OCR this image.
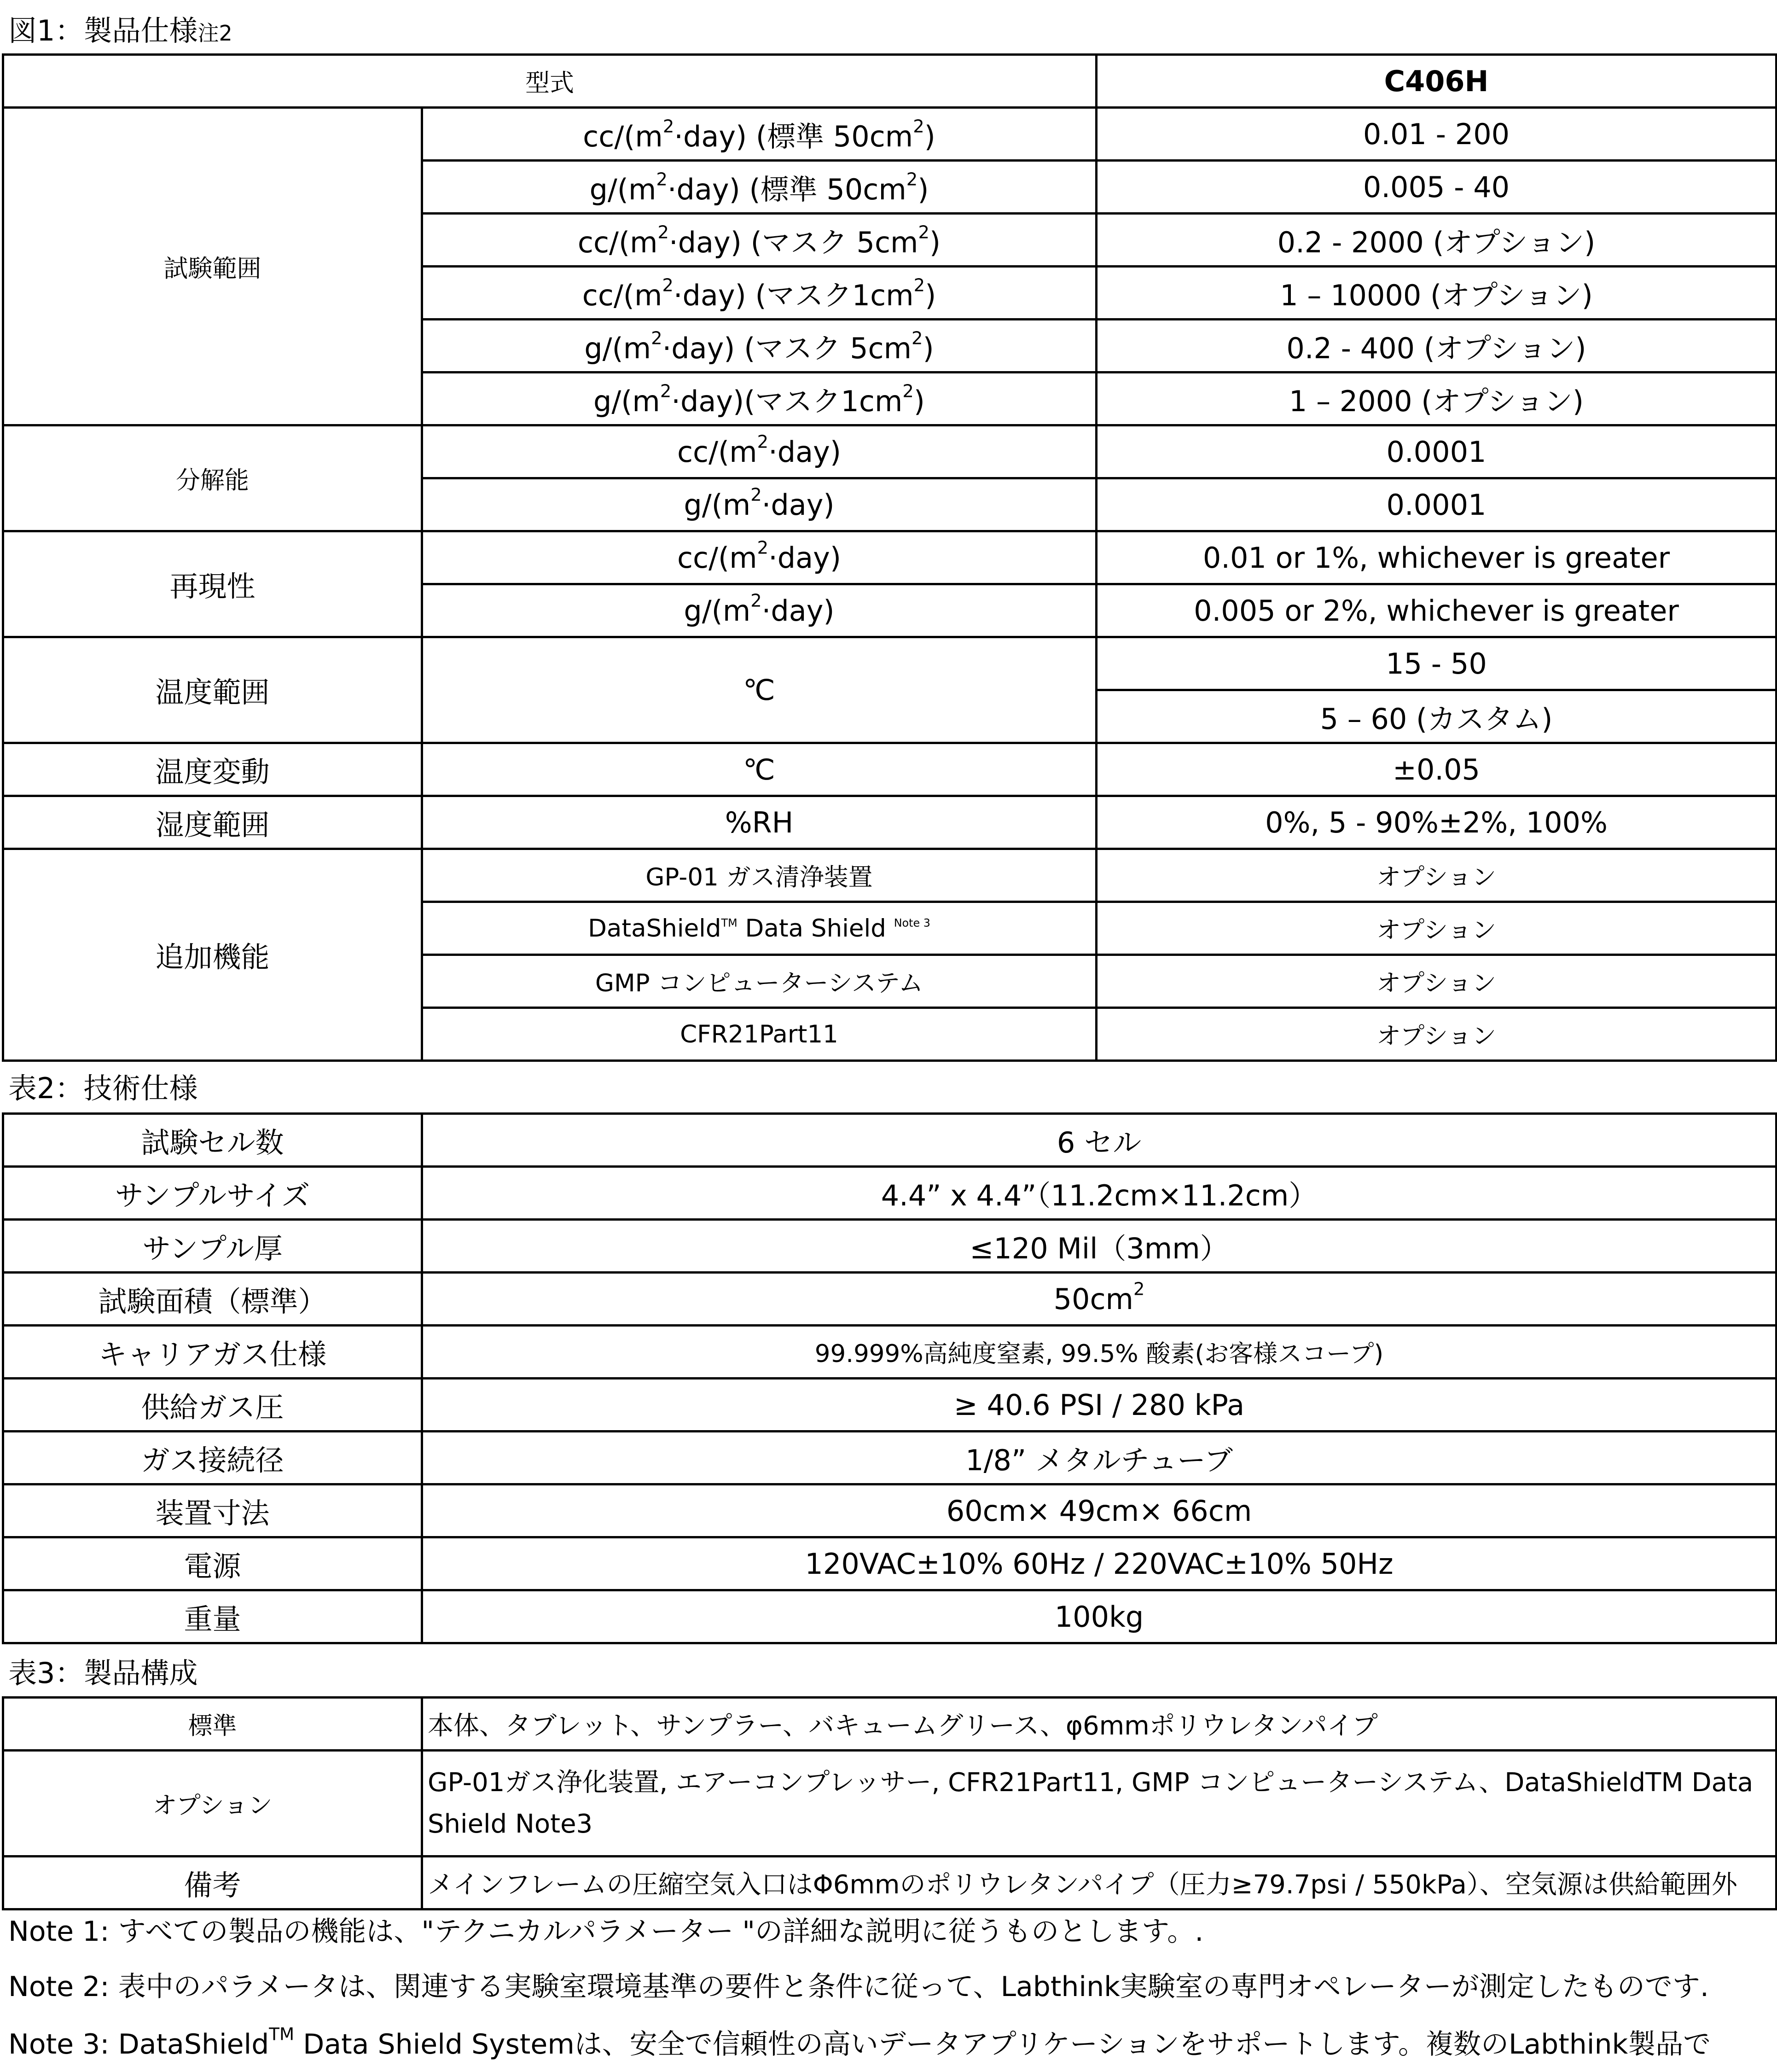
図1：製品仕様注2
型式		C406H
試験範囲	$cc/(m^2\cdot day)$ (標準 $50cm^2$)	0.01 - 200
	$g/(m^2\cdot day)$ (標準 $50cm^2$)	0.005 - 40
	$cc/(m^2\cdot day)$ (マスク $5cm^2$)	0.2 - 2000 (オプション)
	$cc/(m^2\cdot day)$ (マスク$1cm^2$)	1 – 10000 (オプション)
	$g/(m^2\cdot day)$ (マスク $5cm^2$)	0.2 - 400 (オプション)
	$g/(m^2\cdot day)$(マスク$1cm^2$)	1 – 2000 (オプション)
分解能	$cc/(m^2\cdot day)$	0.0001
	$g/(m^2\cdot day)$	0.0001
再現性	$cc/(m^2\cdot day)$	0.01 or 1%, whichever is greater
	$g/(m^2\cdot day)$	0.005 or 2%, whichever is greater
温度範囲	℃	15 - 50
		5 – 60 (カスタム)
温度変動	℃	±0.05
湿度範囲	%RH	0%, 5 - 90%±2%, 100%
追加機能	GP-01 ガス清浄装置	オプション
	DataShield™ Data Shield $^{Note 3}$	オプション
	GMP コンピューターシステム	オプション
	CFR21Part11	オプション
表2：技術仕様
試験セル数	6 セル
サンプルサイズ	4.4” x 4.4”（11.2cm×11.2cm）
サンプル厚	≤120 Mil（3mm）
試験面積（標準）	$50cm^2$
キャリアガス仕様	99.999%高純度窒素, 99.5% 酸素(お客様スコープ)
供給ガス圧	≥ 40.6 PSI / 280 kPa
ガス接続径	1/8” メタルチューブ
装置寸法	60cm× 49cm× 66cm
電源	120VAC±10% 60Hz / 220VAC±10% 50Hz
重量	100kg
表3：製品構成
標準	本体、タブレット、サンプラー、バキュームグリース、φ6mmポリウレタンパイプ
オプション	GP-01ガス浄化装置, エアーコンプレッサー, CFR21Part11, GMP コンピューターシステム、DataShieldTM Data Shield Note3
備考	メインフレームの圧縮空気入口はΦ6mmのポリウレタンパイプ（圧力≥79.7psi / 550kPa）、空気源は供給範囲外
Note 1: すべての製品の機能は、"テクニカルパラメーター "の詳細な説明に従うものとします。.
Note 2: 表中のパラメータは、関連する実験室環境基準の要件と条件に従って、Labthink実験室の専門オペレーターが測定したものです.
Note 3: DataShield™ Data Shield Systemは、安全で信頼性の高いデータアプリケーションをサポートします。複数のLabthink製品で
